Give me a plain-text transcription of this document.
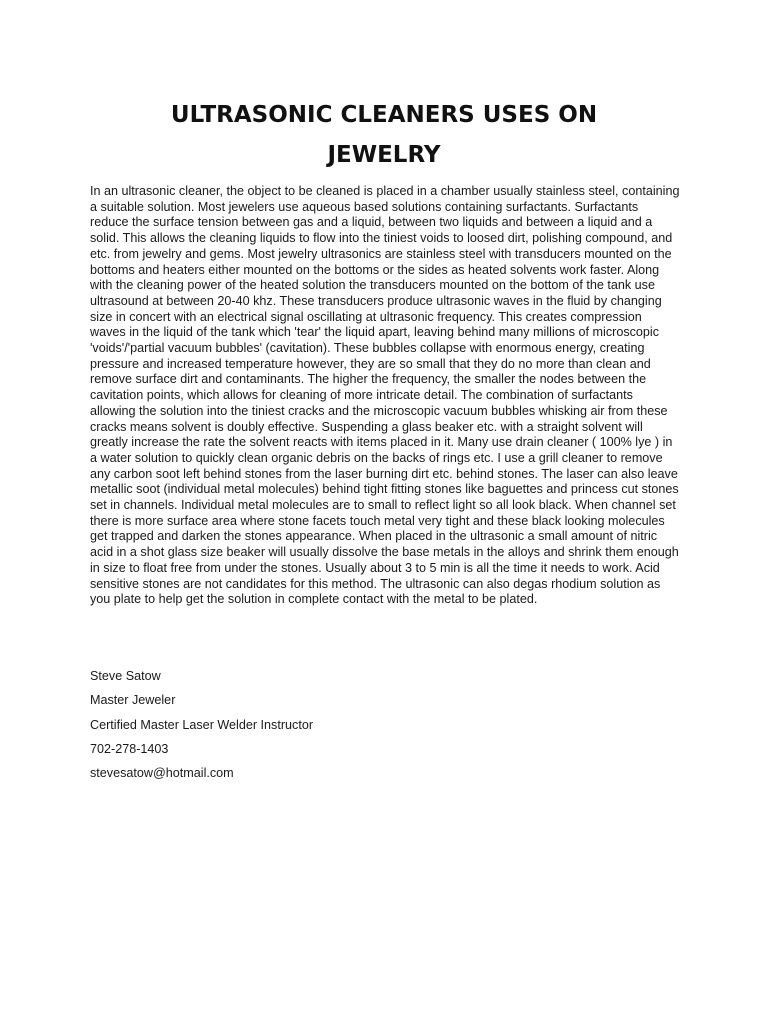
ULTRASONIC CLEANERS USES ON
JEWELRY

In an ultrasonic cleaner, the object to be cleaned is placed in a chamber usually stainless steel, containing a suitable solution. Most jewelers use aqueous based solutions containing surfactants. Surfactants reduce the surface tension between gas and a liquid, between two liquids and between a liquid and a solid. This allows the cleaning liquids to flow into the tiniest voids to loosed dirt, polishing compound, and etc. from jewelry and gems. Most jewelry ultrasonics are stainless steel with transducers mounted on the bottoms and heaters either mounted on the bottoms or the sides as heated solvents work faster. Along with the cleaning power of the heated solution the transducers mounted on the bottom of the tank use ultrasound at between 20-40 khz. These transducers produce ultrasonic waves in the fluid by changing size in concert with an electrical signal oscillating at ultrasonic frequency. This creates compression waves in the liquid of the tank which 'tear' the liquid apart, leaving behind many millions of microscopic 'voids'/'partial vacuum bubbles' (cavitation). These bubbles collapse with enormous energy, creating pressure and increased temperature however, they are so small that they do no more than clean and remove surface dirt and contaminants. The higher the frequency, the smaller the nodes between the cavitation points, which allows for cleaning of more intricate detail. The combination of surfactants allowing the solution into the tiniest cracks and the microscopic vacuum bubbles whisking air from these cracks means solvent is doubly effective. Suspending a glass beaker etc. with a straight solvent will greatly increase the rate the solvent reacts with items placed in it. Many use drain cleaner ( 100% lye ) in a water solution to quickly clean organic debris on the backs of rings etc. I use a grill cleaner to remove any carbon soot left behind stones from the laser burning dirt etc. behind stones. The laser can also leave metallic soot (individual metal molecules) behind tight fitting stones like baguettes and princess cut stones set in channels. Individual metal molecules are to small to reflect light so all look black. When channel set there is more surface area where stone facets touch metal very tight and these black looking molecules get trapped and darken the stones appearance. When placed in the ultrasonic a small amount of nitric acid in a shot glass size beaker will usually dissolve the base metals in the alloys and shrink them enough in size to float free from under the stones. Usually about 3 to 5 min is all the time it needs to work. Acid sensitive stones are not candidates for this method. The ultrasonic can also degas rhodium solution as you plate to help get the solution in complete contact with the metal to be plated.

Steve Satow
Master Jeweler
Certified Master Laser Welder Instructor
702-278-1403
stevesatow@hotmail.com
